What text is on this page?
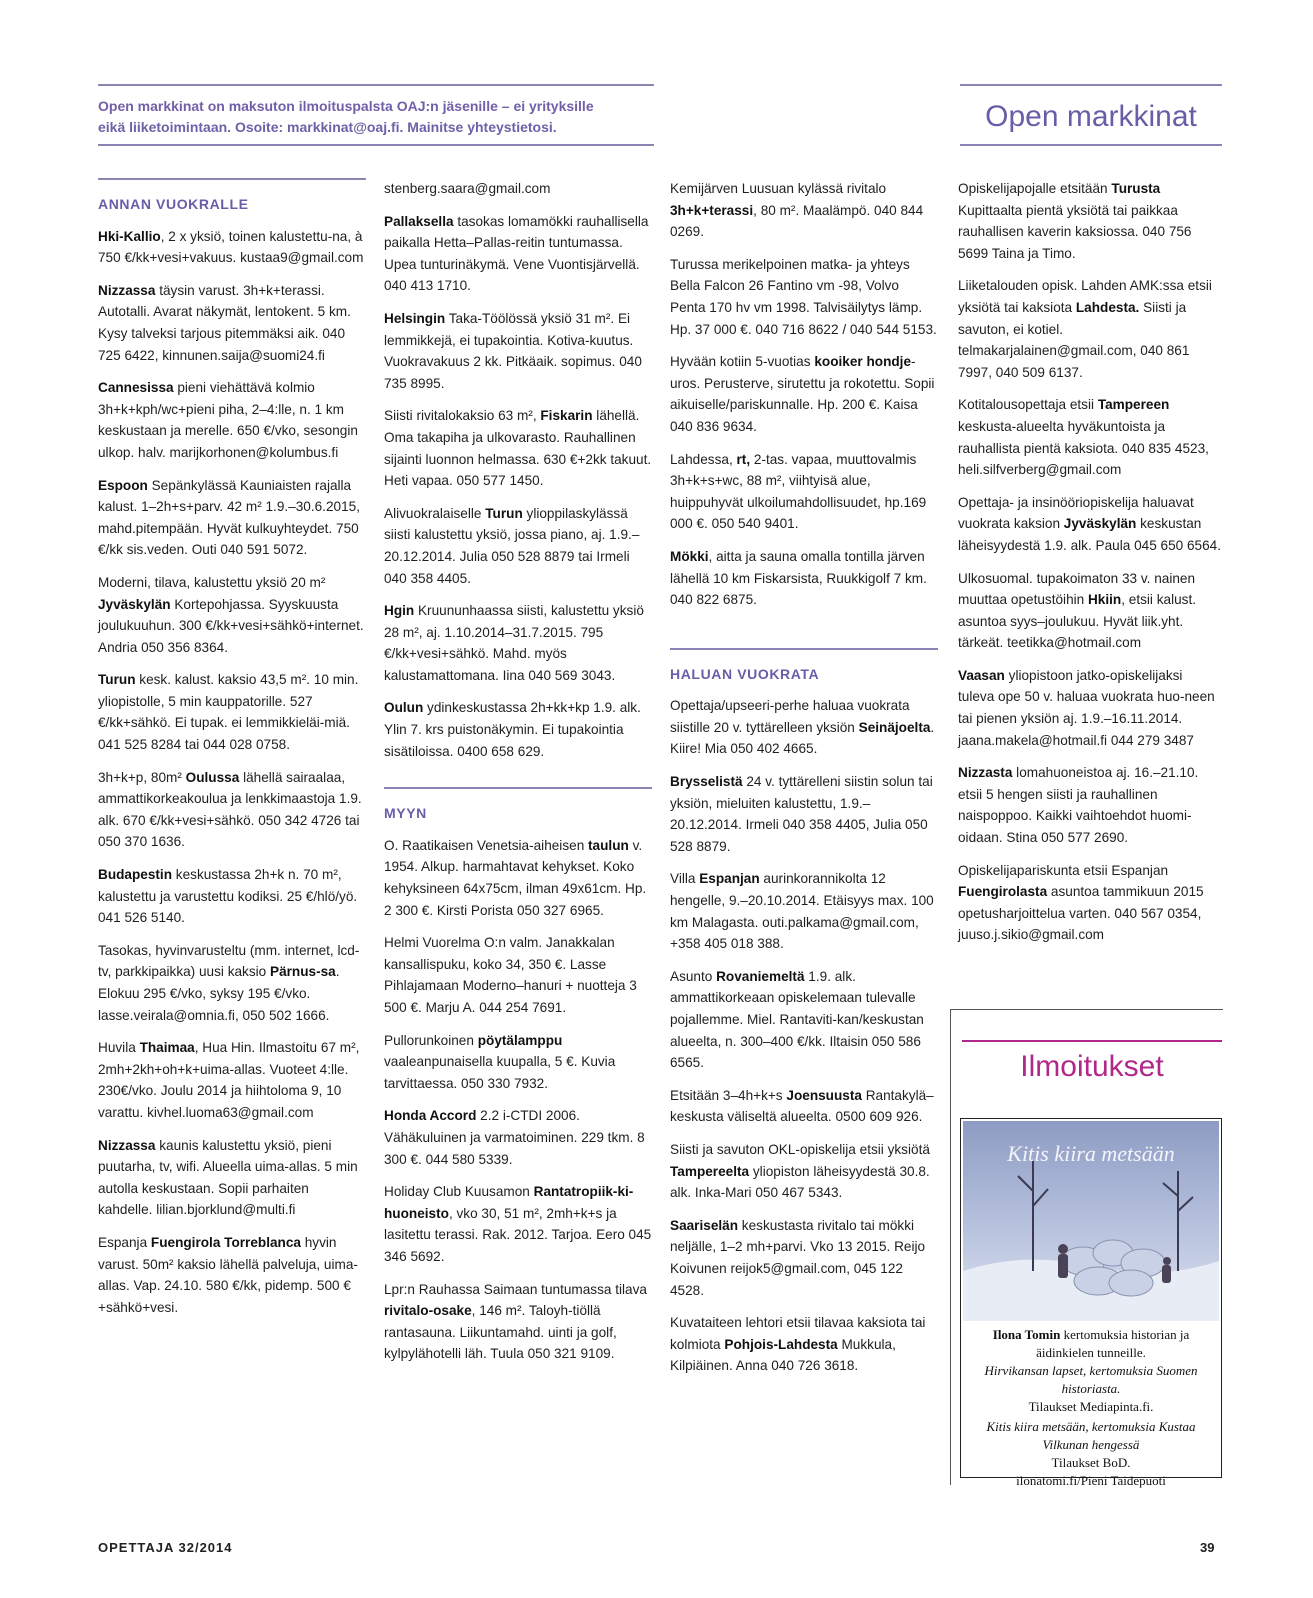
Open markkinat on maksuton ilmoituspalsta OAJ:n jäsenille – ei yrityksille
eikä liiketoimintaan. Osoite: markkinat@oaj.fi. Mainitse yhteystietosi.	Open markkinat
ANNAN VUOKRALLE
Hki-Kallio, 2 x yksiö, toinen kalustettu-na, à 750 €/kk+vesi+vakuus. kustaa9@gmail.com
Nizzassa täysin varust. 3h+k+terassi. Autotalli. Avarat näkymät, lentokent. 5 km. Kysy talveksi tarjous pitemmäksi aik. 040 725 6422, kinnunen.saija@suomi24.fi
Cannesissa pieni viehättävä kolmio 3h+k+kph/wc+pieni piha, 2–4:lle, n. 1 km keskustaan ja merelle. 650 €/vko, sesongin ulkop. halv. marijkorhonen@kolumbus.fi
Espoon Sepänkylässä Kauniaisten rajalla kalust. 1–2h+s+parv. 42 m² 1.9.–30.6.2015, mahd.pitempään. Hyvät kulkuyhteydet. 750 €/kk sis.veden. Outi 040 591 5072.
Moderni, tilava, kalustettu yksiö 20 m² Jyväskylän Kortepohjassa. Syyskuusta joulukuuhun. 300 €/kk+vesi+sähkö+internet. Andria 050 356 8364.
Turun kesk. kalust. kaksio 43,5 m². 10 min. yliopistolle, 5 min kauppatorille. 527 €/kk+sähkö. Ei tupak. ei lemmikkieläi-miä. 041 525 8284 tai 044 028 0758.
3h+k+p, 80m² Oulussa lähellä sairaalaa, ammattikorkeakoulua ja lenkkimaastoja 1.9. alk. 670 €/kk+vesi+sähkö. 050 342 4726 tai 050 370 1636.
Budapestin keskustassa 2h+k n. 70 m², kalustettu ja varustettu kodiksi. 25 €/hlö/yö. 041 526 5140.
Tasokas, hyvinvarusteltu (mm. internet, lcd-tv, parkkipaikka) uusi kaksio Pärnus-sa. Elokuu 295 €/vko, syksy 195 €/vko. lasse.veirala@omnia.fi, 050 502 1666.
Huvila Thaimaa, Hua Hin. Ilmastoitu 67 m², 2mh+2kh+oh+k+uima-allas. Vuoteet 4:lle. 230€/vko. Joulu 2014 ja hiihtoloma 9, 10 varattu. kivhel.luoma63@gmail.com
Nizzassa kaunis kalustettu yksiö, pieni puutarha, tv, wifi. Alueella uima-allas. 5 min autolla keskustaan. Sopii parhaiten kahdelle. lilian.bjorklund@multi.fi
Espanja Fuengirola Torreblanca hyvin varust. 50m² kaksio lähellä palveluja, uima-allas. Vap. 24.10. 580 €/kk, pidemp. 500 €+sähkö+vesi.
stenberg.saara@gmail.com
Pallaksella tasokas lomamökki rauhallisella paikalla Hetta–Pallas-reitin tuntumassa. Upea tunturinäkymä. Vene Vuontisjärvellä. 040 413 1710.
Helsingin Taka-Töölössä yksiö 31 m². Ei lemmikkejä, ei tupakointia. Kotiva-kuutus. Vuokravakuus 2 kk. Pitkäaik. sopimus. 040 735 8995.
Siisti rivitalokaksio 63 m², Fiskarin lähellä. Oma takapiha ja ulkovarasto. Rauhallinen sijainti luonnon helmassa. 630 €+2kk takuut. Heti vapaa. 050 577 1450.
Alivuokralaiselle Turun ylioppilaskylässä siisti kalustettu yksiö, jossa piano, aj. 1.9.–20.12.2014. Julia 050 528 8879 tai Irmeli 040 358 4405.
Hgin Kruununhaassa siisti, kalustettu yksiö 28 m², aj. 1.10.2014–31.7.2015. 795 €/kk+vesi+sähkö. Mahd. myös kalustamattomana. Iina 040 569 3043.
Oulun ydinkeskustassa 2h+kk+kp 1.9. alk. Ylin 7. krs puistonäkymin. Ei tupakointia sisätiloissa. 0400 658 629.
MYYN
O. Raatikaisen Venetsia-aiheisen taulun v. 1954. Alkup. harmahtavat kehykset. Koko kehyksineen 64x75cm, ilman 49x61cm. Hp. 2 300 €. Kirsti Porista 050 327 6965.
Helmi Vuorelma O:n valm. Janakkalan kansallispuku, koko 34, 350 €. Lasse Pihlajamaan Moderno–hanuri + nuotteja 3 500 €. Marju A. 044 254 7691.
Pullorunkoinen pöytälamppu vaaleanpunaisella kuupalla, 5 €. Kuvia tarvittaessa. 050 330 7932.
Honda Accord 2.2 i-CTDI 2006. Vähäkuluinen ja varmatoiminen. 229 tkm. 8 300 €. 044 580 5339.
Holiday Club Kuusamon Rantatropiik-ki-huoneisto, vko 30, 51 m², 2mh+k+s ja lasitettu terassi. Rak. 2012. Tarjoa. Eero 045 346 5692.
Lpr:n Rauhassa Saimaan tuntumassa tilava rivitalo-osake, 146 m². Taloyh-tiöllä rantasauna. Liikuntamahd. uinti ja golf, kylpylähotelli läh. Tuula 050 321 9109.
Kemijärven Luusuan kylässä rivitalo 3h+k+terassi, 80 m². Maalämpö. 040 844 0269.
Turussa merikelpoinen matka- ja yhteys Bella Falcon 26 Fantino vm -98, Volvo Penta 170 hv vm 1998. Talvisäilytys lämp. Hp. 37 000 €. 040 716 8622 / 040 544 5153.
Hyvään kotiin 5-vuotias kooiker hondje-uros. Perusterve, sirutettu ja rokotettu. Sopii aikuiselle/pariskunnalle. Hp. 200 €. Kaisa 040 836 9634.
Lahdessa, rt, 2-tas. vapaa, muuttovalmis 3h+k+s+wc, 88 m², viihtyisä alue, huippuhyvät ulkoilumahdollisuudet, hp.169 000 €. 050 540 9401.
Mökki, aitta ja sauna omalla tontilla järven lähellä 10 km Fiskarsista, Ruukkigolf 7 km. 040 822 6875.
HALUAN VUOKRATA
Opettaja/upseeri-perhe haluaa vuokrata siistille 20 v. tyttärelleen yksiön Seinäjoelta. Kiire! Mia 050 402 4665.
Brysselistä 24 v. tyttärelleni siistin solun tai yksiön, mieluiten kalustettu, 1.9.–20.12.2014. Irmeli 040 358 4405, Julia 050 528 8879.
Villa Espanjan aurinkorannikolta 12 hengelle, 9.–20.10.2014. Etäisyys max. 100 km Malagasta. outi.palkama@gmail.com, +358 405 018 388.
Asunto Rovaniemeltä 1.9. alk. ammattikorkeaan opiskelemaan tulevalle pojallemme. Miel. Rantaviti-kan/keskustan alueelta, n. 300–400 €/kk. Iltaisin 050 586 6565.
Etsitään 3–4h+k+s Joensuusta Rantakylä–keskusta väliseltä alueelta. 0500 609 926.
Siisti ja savuton OKL-opiskelija etsii yksiötä Tampereelta yliopiston läheisyydestä 30.8. alk. Inka-Mari 050 467 5343.
Saariselän keskustasta rivitalo tai mökki neljälle, 1–2 mh+parvi. Vko 13 2015. Reijo Koivunen reijok5@gmail.com, 045 122 4528.
Kuvataiteen lehtori etsii tilavaa kaksiota tai kolmiota Pohjois-Lahdesta Mukkula, Kilpiäinen. Anna 040 726 3618.
Opiskelijapojalle etsitään Turusta Kupittaalta pientä yksiötä tai paikkaa rauhallisen kaverin kaksiossa. 040 756 5699 Taina ja Timo.
Liiketalouden opisk. Lahden AMK:ssa etsii yksiötä tai kaksiota Lahdesta. Siisti ja savuton, ei kotiel. telmakarjalainen@gmail.com, 040 861 7997, 040 509 6137.
Kotitalousopettaja etsii Tampereen keskusta-alueelta hyväkuntoista ja rauhallista pientä kaksiota. 040 835 4523, heli.silfverberg@gmail.com
Opettaja- ja insinööriopiskelija haluavat vuokrata kaksion Jyväskylän keskustan läheisyydestä 1.9. alk. Paula 045 650 6564.
Ulkosuomal. tupakoimaton 33 v. nainen muuttaa opetustöihin Hkiin, etsii kalust. asuntoa syys–joulukuu. Hyvät liik.yht. tärkeät. teetikka@hotmail.com
Vaasan yliopistoon jatko-opiskelijaksi tuleva ope 50 v. haluaa vuokrata huo-neen tai pienen yksiön aj. 1.9.–16.11.2014. jaana.makela@hotmail.fi 044 279 3487
Nizzasta lomahuoneistoa aj. 16.–21.10. etsii 5 hengen siisti ja rauhallinen naispoppoo. Kaikki vaihtoehdot huomi-oidaan. Stina 050 577 2690.
Opiskelijapariskunta etsii Espanjan Fuengirolasta asuntoa tammikuun 2015 opetusharjoittelua varten. 040 567 0354, juuso.j.sikio@gmail.com
Ilmoitukset
Kitis kiira metsään
Ilona Tomin kertomuksia historian ja äidinkielen tunneille.
Hirvikansan lapset, kertomuksia Suomen historiasta.
Tilaukset Mediapinta.fi.
Kitis kiira metsään, kertomuksia Kustaa Vilkunan hengessä
Tilaukset BoD.
ilonatomi.fi/Pieni Taidepuoti
OPETTAJA 32/2014	39
